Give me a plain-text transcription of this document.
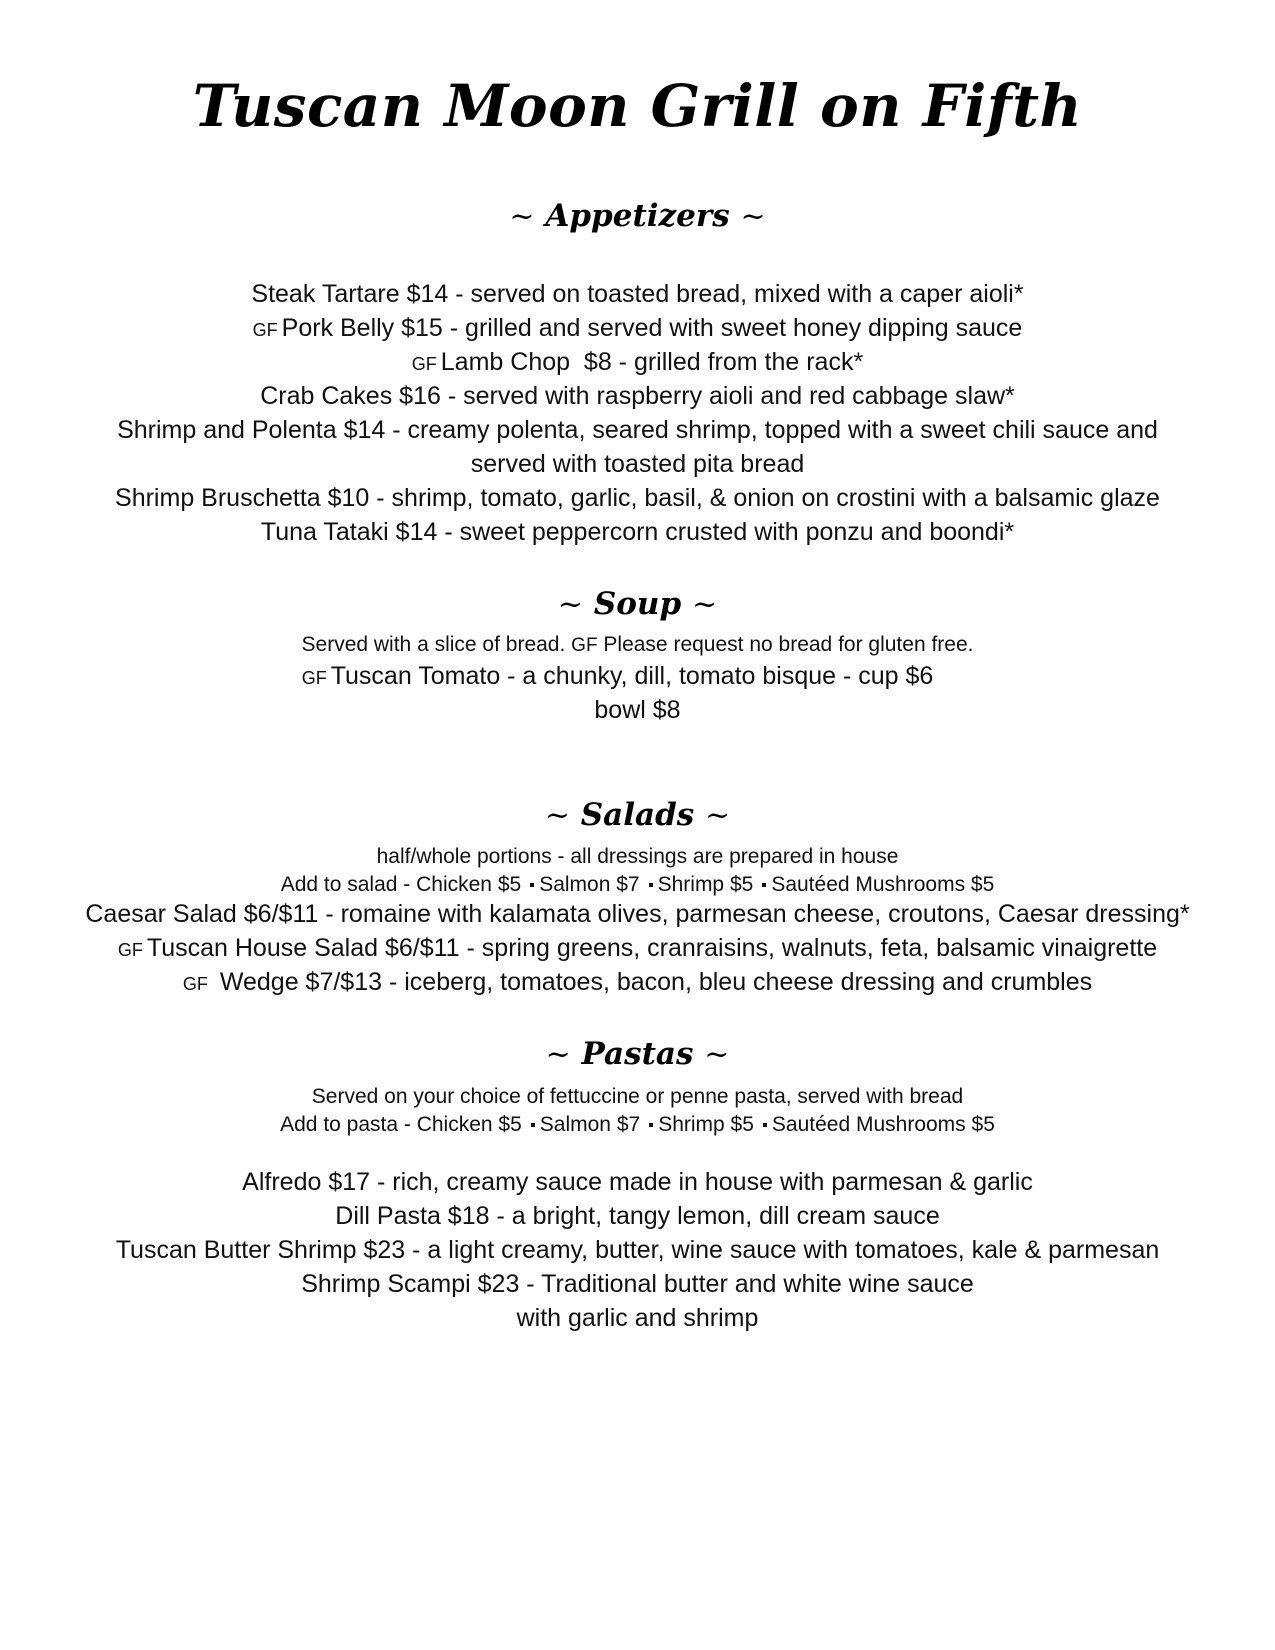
Tuscan Moon Grill on Fifth
~ Appetizers ~
Steak Tartare $14 - served on toasted bread, mixed with a caper aioli*
GF Pork Belly $15 - grilled and served with sweet honey dipping sauce
GF Lamb Chop  $8 - grilled from the rack*
Crab Cakes $16 - served with raspberry aioli and red cabbage slaw*
Shrimp and Polenta $14 - creamy polenta, seared shrimp, topped with a sweet chili sauce and
served with toasted pita bread
Shrimp Bruschetta $10 - shrimp, tomato, garlic, basil, & onion on crostini with a balsamic glaze
Tuna Tataki $14 - sweet peppercorn crusted with ponzu and boondi*
~ Soup ~
Served with a slice of bread. GF Please request no bread for gluten free.
GF Tuscan Tomato - a chunky, dill, tomato bisque - cup $6
bowl $8
~ Salads ~
half/whole portions - all dressings are prepared in house
Add to salad - Chicken $5 Salmon $7 Shrimp $5 Sautéed Mushrooms $5
Caesar Salad $6/$11 - romaine with kalamata olives, parmesan cheese, croutons, Caesar dressing*
GF Tuscan House Salad $6/$11 - spring greens, cranraisins, walnuts, feta, balsamic vinaigrette
GF Wedge $7/$13 - iceberg, tomatoes, bacon, bleu cheese dressing and crumbles
~ Pastas ~
Served on your choice of fettuccine or penne pasta, served with bread
Add to pasta - Chicken $5 Salmon $7 Shrimp $5 Sautéed Mushrooms $5
Alfredo $17 - rich, creamy sauce made in house with parmesan & garlic
Dill Pasta $18 - a bright, tangy lemon, dill cream sauce
Tuscan Butter Shrimp $23 - a light creamy, butter, wine sauce with tomatoes, kale & parmesan
Shrimp Scampi $23 - Traditional butter and white wine sauce
with garlic and shrimp
